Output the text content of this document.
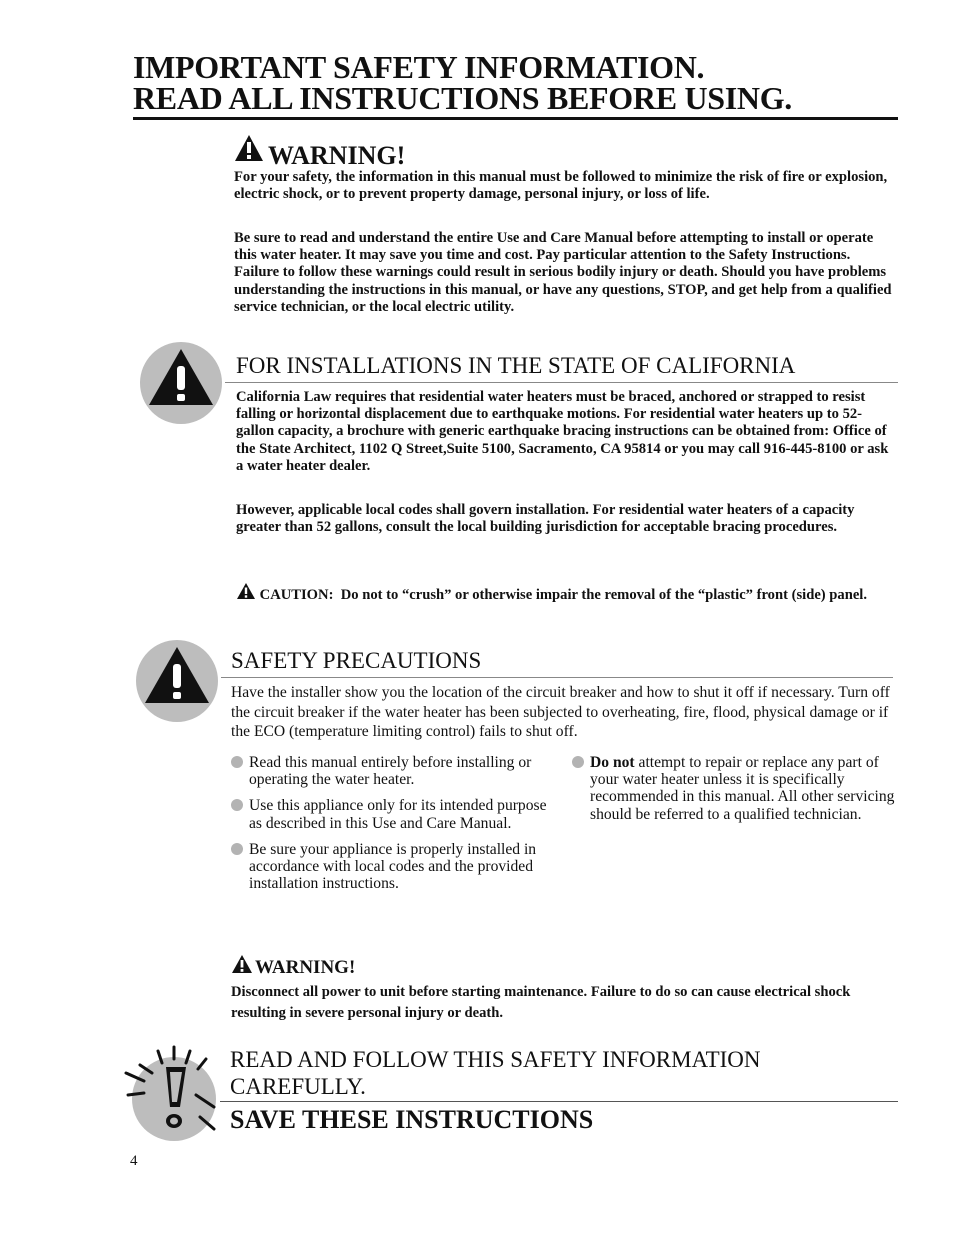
IMPORTANT SAFETY INFORMATION.
READ ALL INSTRUCTIONS BEFORE USING.
WARNING!
For your safety, the information in this manual must be followed to minimize the risk of fire or explosion, electric shock, or to prevent property damage, personal injury, or loss of life.
Be sure to read and understand the entire Use and Care Manual before attempting to install or operate this water heater. It may save you time and cost. Pay particular attention to the Safety Instructions. Failure to follow these warnings could result in serious bodily injury or death. Should you have problems understanding the instructions in this manual, or have any questions, STOP, and get help from a qualified service technician, or the local electric utility.
FOR INSTALLATIONS IN THE STATE OF CALIFORNIA
California Law requires that residential water heaters must be braced, anchored or strapped to resist falling or horizontal displacement due to earthquake motions. For residential water heaters up to 52-gallon capacity, a brochure with generic earthquake bracing instructions can be obtained from: Office of the State Architect, 1102 Q Street,Suite 5100, Sacramento, CA 95814 or you may call 916-445-8100 or ask a water heater dealer.
However, applicable local codes shall govern installation. For residential water heaters of a capacity greater than 52 gallons, consult the local building jurisdiction for acceptable bracing procedures.
CAUTION: Do not to “crush” or otherwise impair the removal of the “plastic” front (side) panel.
SAFETY PRECAUTIONS
Have the installer show you the location of the circuit breaker and how to shut it off if necessary. Turn off the circuit breaker if the water heater has been subjected to overheating, fire, flood, physical damage or if the ECO (temperature limiting control) fails to shut off.
Read this manual entirely before installing or operating the water heater.
Use this appliance only for its intended purpose as described in this Use and Care Manual.
Be sure your appliance is properly installed in accordance with local codes and the provided installation instructions.
Do not attempt to repair or replace any part of your water heater unless it is specifically recommended in this manual. All other servicing should be referred to a qualified technician.
WARNING!
Disconnect all power to unit before starting maintenance. Failure to do so can cause electrical shock resulting in severe personal injury or death.
READ AND FOLLOW THIS SAFETY INFORMATION CAREFULLY.
SAVE THESE INSTRUCTIONS
4
